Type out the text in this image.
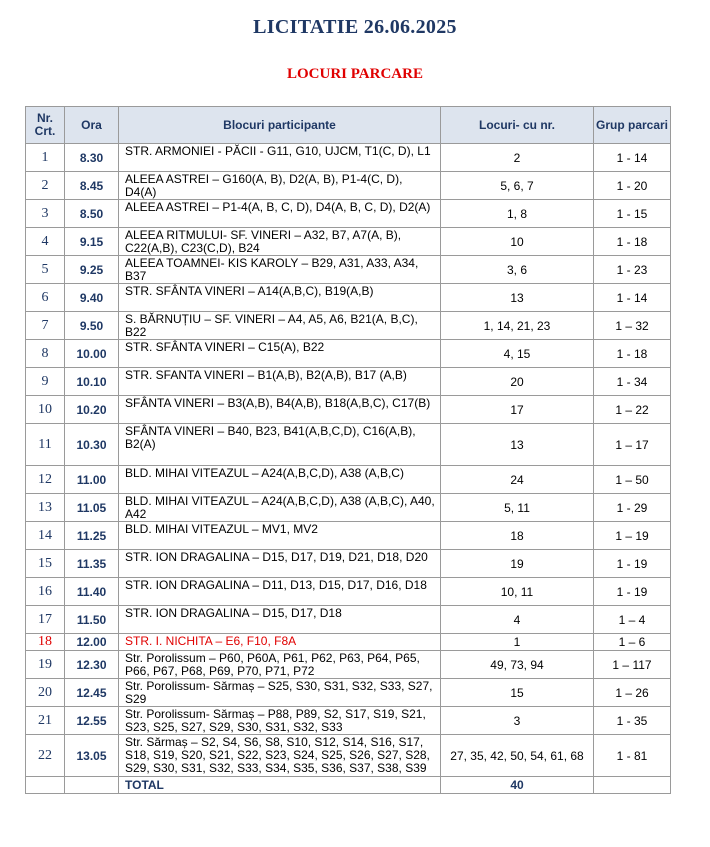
LICITATIE 26.06.2025
LOCURI PARCARE
Nr. Crt.	Ora	Blocuri participante	Locuri- cu nr.	Grup parcari
1	8.30	STR. ARMONIEI - PĂCII - G11, G10, UJCM, T1(C, D), L1	2	1 - 14
2	8.45	ALEEA ASTREI – G160(A, B), D2(A, B), P1-4(C, D), D4(A)	5, 6, 7	1 - 20
3	8.50	ALEEA ASTREI – P1-4(A, B, C, D), D4(A, B, C, D), D2(A)	1, 8	1 - 15
4	9.15	ALEEA RITMULUI- SF. VINERI – A32, B7, A7(A, B), C22(A,B), C23(C,D), B24	10	1 - 18
5	9.25	ALEEA TOAMNEI- KIS KAROLY – B29, A31, A33, A34, B37	3, 6	1 - 23
6	9.40	STR. SFÂNTA VINERI – A14(A,B,C), B19(A,B)	13	1 - 14
7	9.50	S. BĂRNUȚIU – SF. VINERI – A4, A5, A6, B21(A, B,C), B22	1, 14, 21, 23	1 – 32
8	10.00	STR. SFÂNTA VINERI – C15(A), B22	4, 15	1 - 18
9	10.10	STR. SFANTA VINERI – B1(A,B), B2(A,B), B17 (A,B)	20	1 - 34
10	10.20	SFÂNTA VINERI – B3(A,B), B4(A,B), B18(A,B,C), C17(B)	17	1 – 22
11	10.30	SFÂNTA VINERI – B40, B23, B41(A,B,C,D), C16(A,B), B2(A)	13	1 – 17
12	11.00	BLD. MIHAI VITEAZUL – A24(A,B,C,D), A38 (A,B,C)	24	1 – 50
13	11.05	BLD. MIHAI VITEAZUL – A24(A,B,C,D), A38 (A,B,C), A40, A42	5, 11	1 - 29
14	11.25	BLD. MIHAI VITEAZUL – MV1, MV2	18	1 – 19
15	11.35	STR. ION DRAGALINA – D15, D17, D19, D21, D18, D20	19	1 - 19
16	11.40	STR. ION DRAGALINA – D11, D13, D15, D17, D16, D18	10, 11	1 - 19
17	11.50	STR. ION DRAGALINA – D15, D17, D18	4	1 – 4
18	12.00	STR. I. NICHITA – E6, F10, F8A	1	1 – 6
19	12.30	Str. Porolissum – P60, P60A, P61, P62, P63, P64, P65, P66, P67, P68, P69, P70, P71, P72	49, 73, 94	1 – 117
20	12.45	Str. Porolissum- Sărmaș – S25, S30, S31, S32, S33, S27, S29	15	1 – 26
21	12.55	Str. Porolissum- Sărmaș – P88, P89, S2, S17, S19, S21, S23, S25, S27, S29, S30, S31, S32, S33	3	1 - 35
22	13.05	Str. Sărmaș – S2, S4, S6, S8, S10, S12, S14, S16, S17, S18, S19, S20, S21, S22, S23, S24, S25, S26, S27, S28, S29, S30, S31, S32, S33, S34, S35, S36, S37, S38, S39	27, 35, 42, 50, 54, 61, 68	1 - 81
		TOTAL	40	
